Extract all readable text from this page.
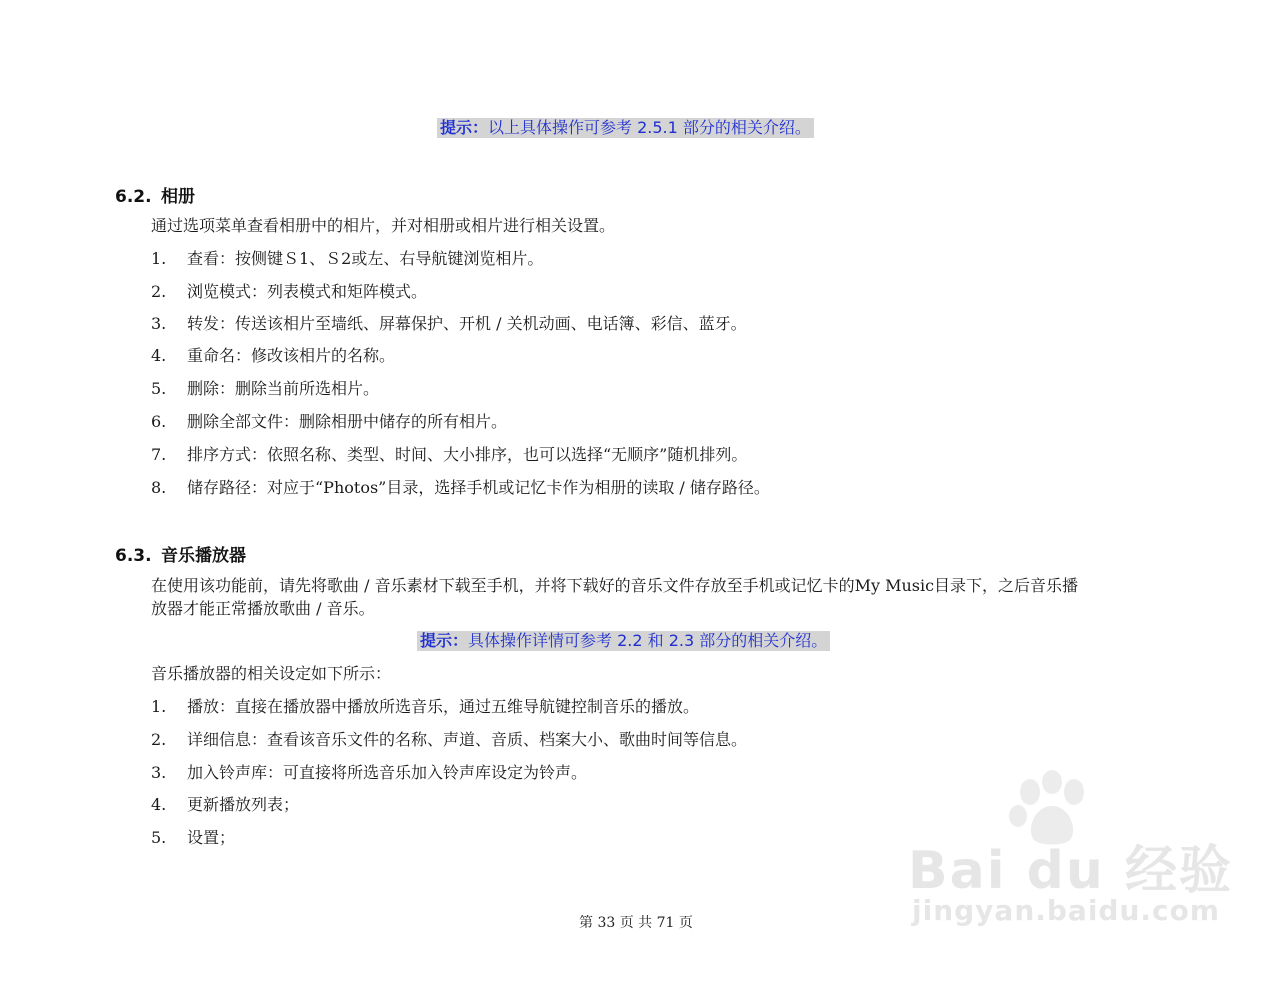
提示：以上具体操作可参考 2.5.1 部分的相关介绍。
6.2. 相册
通过选项菜单查看相册中的相片，并对相册或相片进行相关设置。
1. 查看：按侧键Ｓ1、Ｓ2或左、右导航键浏览相片。
2. 浏览模式：列表模式和矩阵模式。
3. 转发：传送该相片至墙纸、屏幕保护、开机 / 关机动画、电话簿、彩信、蓝牙。
4. 重命名：修改该相片的名称。
5. 删除：删除当前所选相片。
6. 删除全部文件：删除相册中储存的所有相片。
7. 排序方式：依照名称、类型、时间、大小排序，也可以选择“无顺序”随机排列。
8. 储存路径：对应于“Photos”目录，选择手机或记忆卡作为相册的读取 / 储存路径。
6.3. 音乐播放器
在使用该功能前，请先将歌曲 / 音乐素材下载至手机，并将下载好的音乐文件存放至手机或记忆卡的My Music目录下，之后音乐播
放器才能正常播放歌曲 / 音乐。
提示：具体操作详情可参考 2.2 和 2.3 部分的相关介绍。
音乐播放器的相关设定如下所示：
1. 播放：直接在播放器中播放所选音乐，通过五维导航键控制音乐的播放。
2. 详细信息：查看该音乐文件的名称、声道、音质、档案大小、歌曲时间等信息。
3. 加入铃声库：可直接将所选音乐加入铃声库设定为铃声。
4. 更新播放列表；
5. 设置；
Bai du 经验
jingyan.baidu.com
第 33 页 共 71 页
